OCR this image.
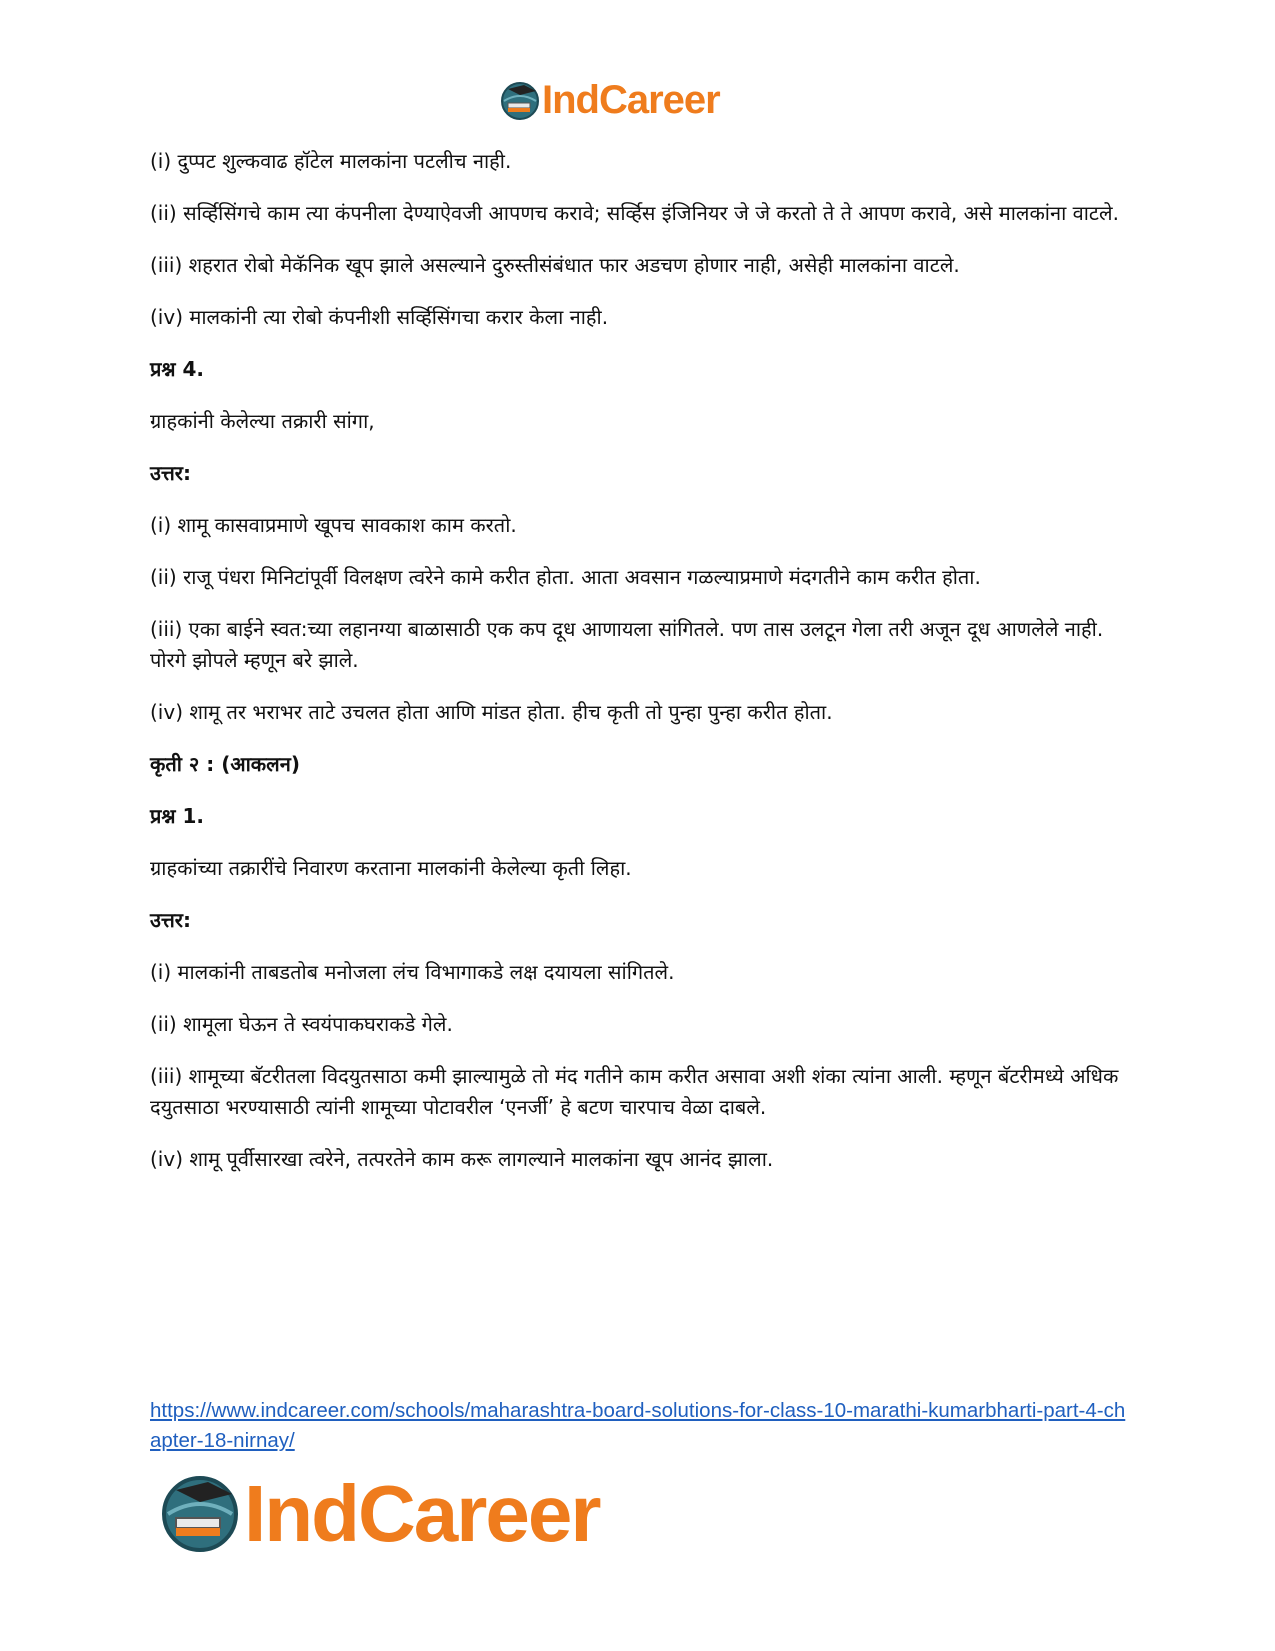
IndCareer

(i) दुप्पट शुल्कवाढ हॉटेल मालकांना पटलीच नाही.

(ii) सर्व्हिसिंगचे काम त्या कंपनीला देण्याऐवजी आपणच करावे; सर्व्हिस इंजिनियर जे जे करतो ते ते आपण करावे, असे मालकांना वाटले.

(iii) शहरात रोबो मेकॅनिक खूप झाले असल्याने दुरुस्तीसंबंधात फार अडचण होणार नाही, असेही मालकांना वाटले.

(iv) मालकांनी त्या रोबो कंपनीशी सर्व्हिसिंगचा करार केला नाही.

प्रश्न 4.

ग्राहकांनी केलेल्या तक्रारी सांगा,

उत्तर:

(i) शामू कासवाप्रमाणे खूपच सावकाश काम करतो.

(ii) राजू पंधरा मिनिटांपूर्वी विलक्षण त्वरेने कामे करीत होता. आता अवसान गळल्याप्रमाणे मंदगतीने काम करीत होता.

(iii) एका बाईने स्वत:च्या लहानग्या बाळासाठी एक कप दूध आणायला सांगितले. पण तास उलटून गेला तरी अजून दूध आणलेले नाही. पोरगे झोपले म्हणून बरे झाले.

(iv) शामू तर भराभर ताटे उचलत होता आणि मांडत होता. हीच कृती तो पुन्हा पुन्हा करीत होता.

कृती २ : (आकलन)

प्रश्न 1.

ग्राहकांच्या तक्रारींचे निवारण करताना मालकांनी केलेल्या कृती लिहा.

उत्तर:

(i) मालकांनी ताबडतोब मनोजला लंच विभागाकडे लक्ष दयायला सांगितले.

(ii) शामूला घेऊन ते स्वयंपाकघराकडे गेले.

(iii) शामूच्या बॅटरीतला विदयुतसाठा कमी झाल्यामुळे तो मंद गतीने काम करीत असावा अशी शंका त्यांना आली. म्हणून बॅटरीमध्ये अधिक दयुतसाठा भरण्यासाठी त्यांनी शामूच्या पोटावरील ‘एनर्जी’ हे बटण चारपाच वेळा दाबले.

(iv) शामू पूर्वीसारखा त्वरेने, तत्परतेने काम करू लागल्याने मालकांना खूप आनंद झाला.

https://www.indcareer.com/schools/maharashtra-board-solutions-for-class-10-marathi-kumarbharti-part-4-chapter-18-nirnay/
IndCareer
